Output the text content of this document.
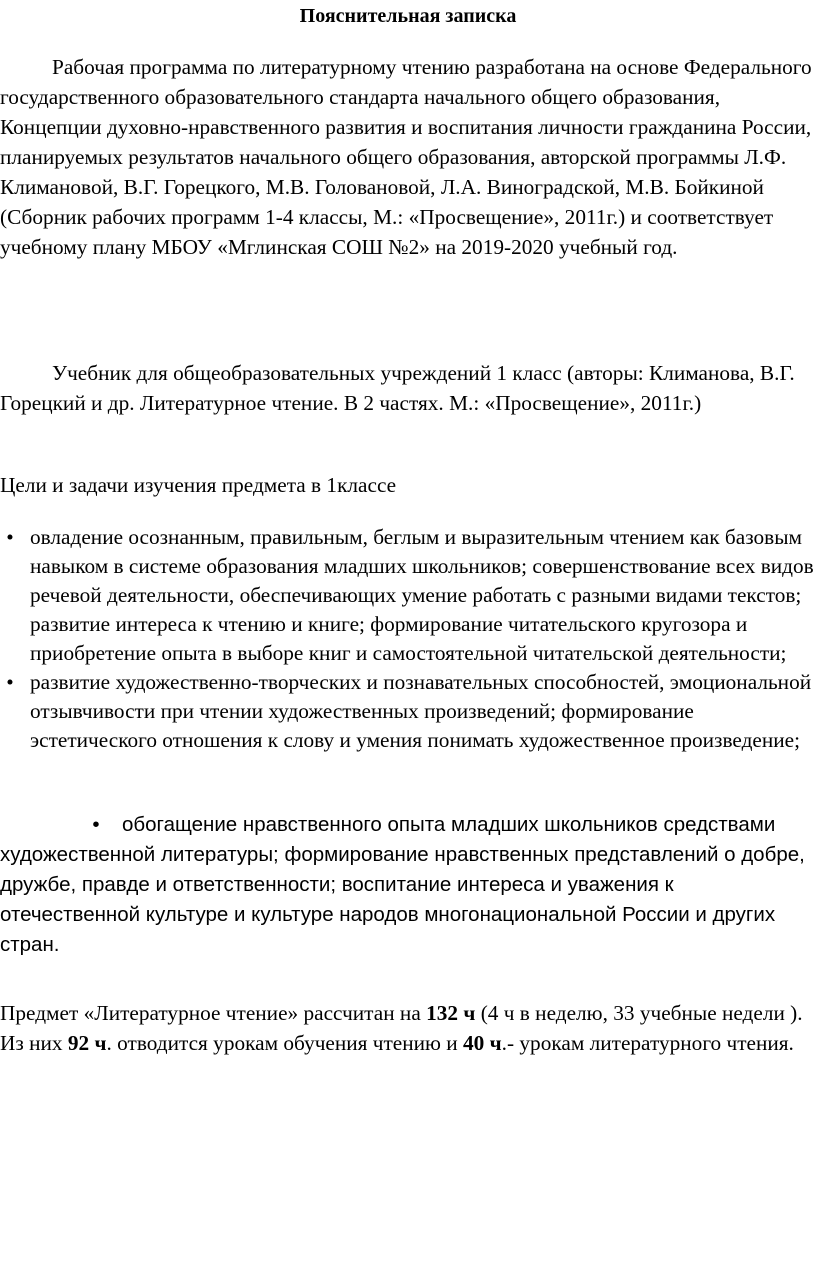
Пояснительная записка

Рабочая программа по литературному чтению разработана на основе Федерального государственного образовательного стандарта начального общего образования, Концепции духовно-нравственного развития и воспитания личности гражданина России, планируемых результатов начального общего образования, авторской программы Л.Ф. Климановой, В.Г. Горецкого, М.В. Головановой, Л.А. Виноградской, М.В. Бойкиной (Сборник рабочих программ 1-4 классы, М.: «Просвещение», 2011г.) и соответствует учебному плану МБОУ «Мглинская СОШ №2» на 2019-2020 учебный год.

Учебник для общеобразовательных учреждений 1 класс (авторы: Климанова, В.Г. Горецкий и др. Литературное чтение. В 2 частях. М.: «Просвещение», 2011г.)

Цели и задачи изучения предмета в 1классе

• овладение осознанным, правильным, беглым и выразительным чтением как базовым навыком в системе образования младших школьников; совершенствование всех видов речевой деятельности, обеспечивающих умение работать с разными видами текстов; развитие интереса к чтению и книге; формирование читательского кругозора и приобретение опыта в выборе книг и самостоятельной читательской деятельности;
• развитие художественно-творческих и познавательных способностей, эмоциональной отзывчивости при чтении художественных произведений; формирование эстетического отношения к слову и умения понимать художественное произведение;

• обогащение нравственного опыта младших школьников средствами художественной литературы; формирование нравственных представлений о добре, дружбе, правде и ответственности; воспитание интереса и уважения к отечественной культуре и культуре народов многонациональной России и других стран.

Предмет «Литературное чтение» рассчитан на 132 ч (4 ч в неделю, 33 учебные недели ). Из них 92 ч. отводится урокам обучения чтению и 40 ч.- урокам литературного чтения.
